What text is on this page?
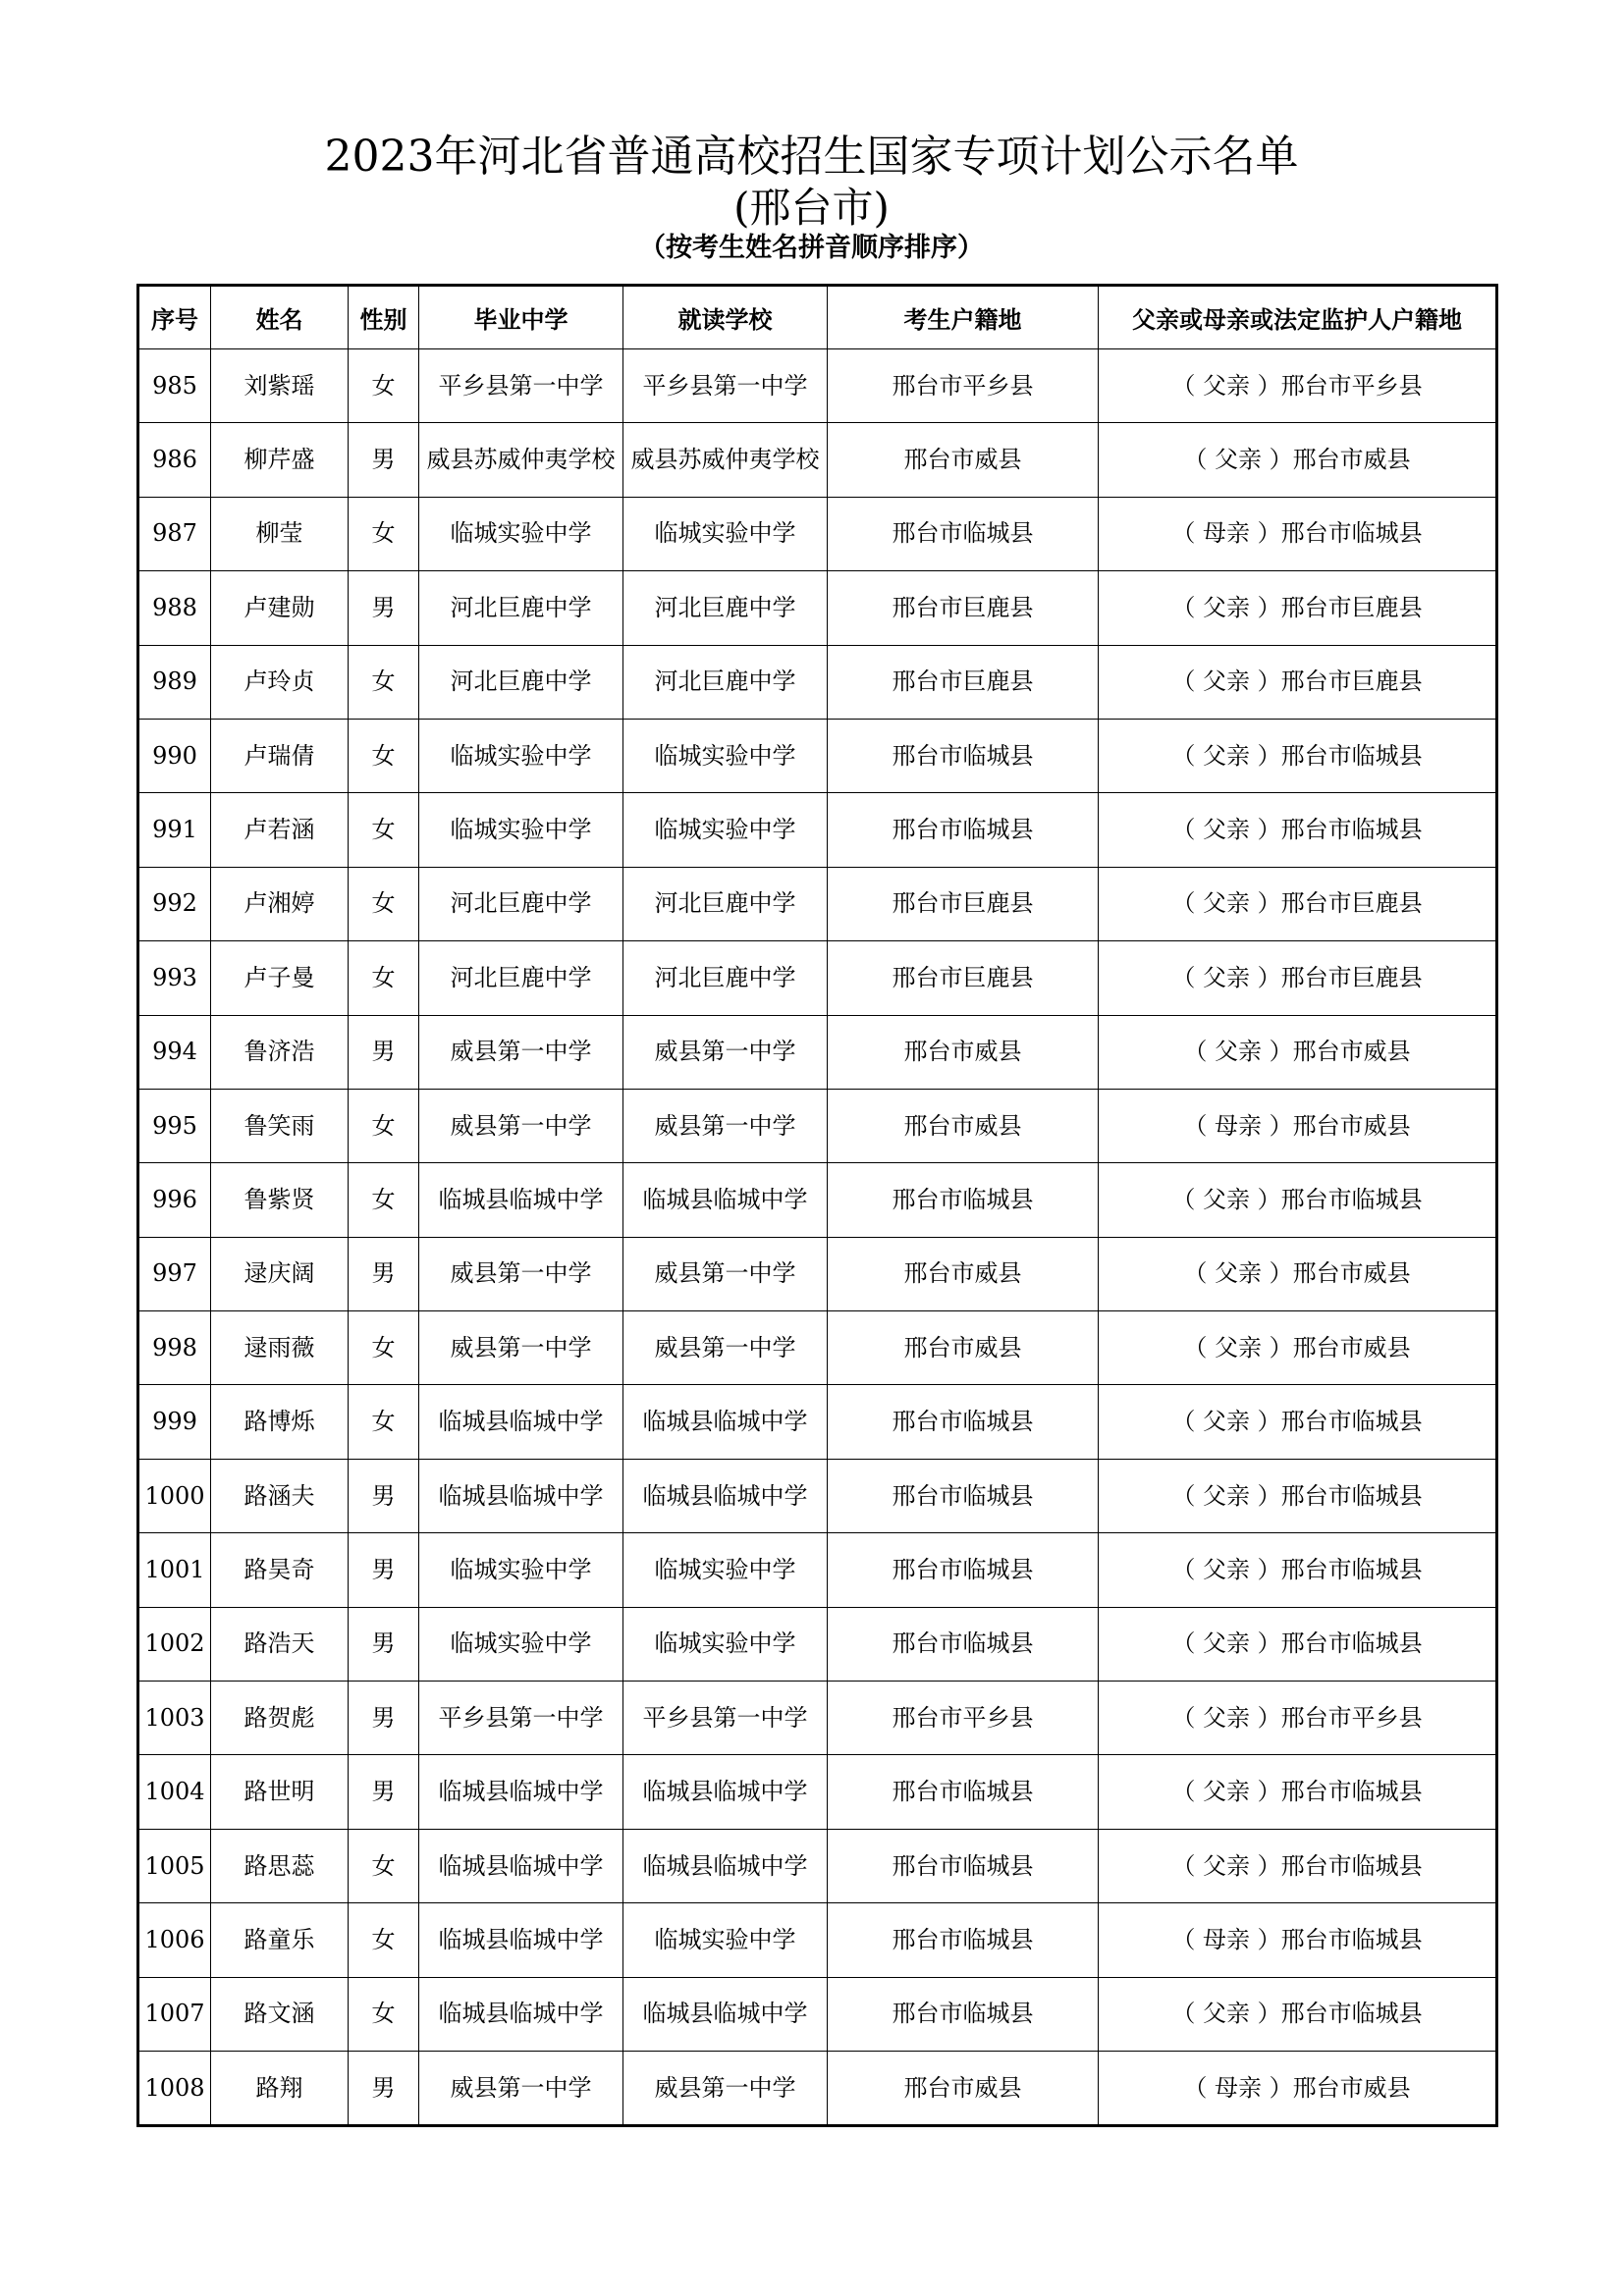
2023年河北省普通高校招生国家专项计划公示名单
(邢台市)
（按考生姓名拼音顺序排序）
序号	姓名	性别	毕业中学	就读学校	考生户籍地	父亲或母亲或法定监护人户籍地
985	刘紫瑶	女	平乡县第一中学	平乡县第一中学	邢台市平乡县	（ 父亲 ）邢台市平乡县
986	柳芹盛	男	威县苏威仲夷学校	威县苏威仲夷学校	邢台市威县	（ 父亲 ）邢台市威县
987	柳莹	女	临城实验中学	临城实验中学	邢台市临城县	（ 母亲 ）邢台市临城县
988	卢建勋	男	河北巨鹿中学	河北巨鹿中学	邢台市巨鹿县	（ 父亲 ）邢台市巨鹿县
989	卢玲贞	女	河北巨鹿中学	河北巨鹿中学	邢台市巨鹿县	（ 父亲 ）邢台市巨鹿县
990	卢瑞倩	女	临城实验中学	临城实验中学	邢台市临城县	（ 父亲 ）邢台市临城县
991	卢若涵	女	临城实验中学	临城实验中学	邢台市临城县	（ 父亲 ）邢台市临城县
992	卢湘婷	女	河北巨鹿中学	河北巨鹿中学	邢台市巨鹿县	（ 父亲 ）邢台市巨鹿县
993	卢子曼	女	河北巨鹿中学	河北巨鹿中学	邢台市巨鹿县	（ 父亲 ）邢台市巨鹿县
994	鲁济浩	男	威县第一中学	威县第一中学	邢台市威县	（ 父亲 ）邢台市威县
995	鲁笑雨	女	威县第一中学	威县第一中学	邢台市威县	（ 母亲 ）邢台市威县
996	鲁紫贤	女	临城县临城中学	临城县临城中学	邢台市临城县	（ 父亲 ）邢台市临城县
997	逯庆阔	男	威县第一中学	威县第一中学	邢台市威县	（ 父亲 ）邢台市威县
998	逯雨薇	女	威县第一中学	威县第一中学	邢台市威县	（ 父亲 ）邢台市威县
999	路博烁	女	临城县临城中学	临城县临城中学	邢台市临城县	（ 父亲 ）邢台市临城县
1000	路涵夫	男	临城县临城中学	临城县临城中学	邢台市临城县	（ 父亲 ）邢台市临城县
1001	路昊奇	男	临城实验中学	临城实验中学	邢台市临城县	（ 父亲 ）邢台市临城县
1002	路浩天	男	临城实验中学	临城实验中学	邢台市临城县	（ 父亲 ）邢台市临城县
1003	路贺彪	男	平乡县第一中学	平乡县第一中学	邢台市平乡县	（ 父亲 ）邢台市平乡县
1004	路世明	男	临城县临城中学	临城县临城中学	邢台市临城县	（ 父亲 ）邢台市临城县
1005	路思蕊	女	临城县临城中学	临城县临城中学	邢台市临城县	（ 父亲 ）邢台市临城县
1006	路童乐	女	临城县临城中学	临城实验中学	邢台市临城县	（ 母亲 ）邢台市临城县
1007	路文涵	女	临城县临城中学	临城县临城中学	邢台市临城县	（ 父亲 ）邢台市临城县
1008	路翔	男	威县第一中学	威县第一中学	邢台市威县	（ 母亲 ）邢台市威县
